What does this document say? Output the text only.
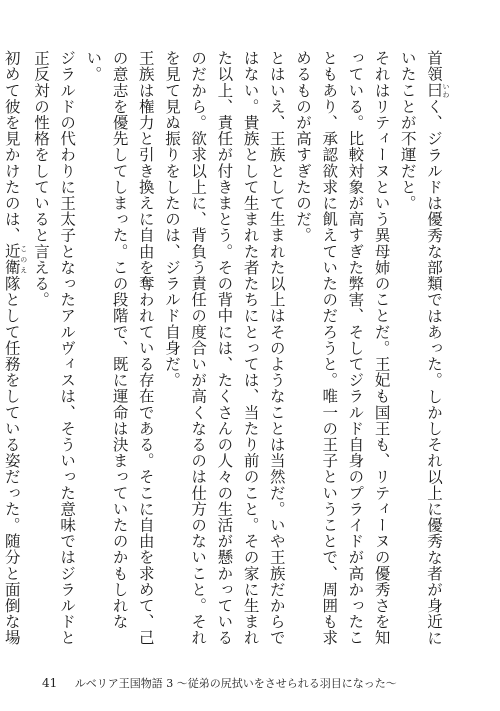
首領曰 いわく、ジラルドは優秀な部類ではあった。しかしそれ以上に優秀な者が身近にいたことが不運だと。

それはリティーヌという異母姉のことだ。王妃も国王も、リティーヌの優秀さを知っている。比較対象が高すぎた弊害、そしてジラルド自身のプライドが高かったこともあり、承認欲求に飢えていたのだろうと。唯一の王子ということで、周囲も求めるものが高すぎたのだ。

とはいえ、王族として生まれた以上はそのようなことは当然だ。いや王族だからではない。貴族として生まれた者たちにとっては、当たり前のこと。その家に生まれた以上、責任が付きまとう。その背中には、たくさんの人々の生活が懸かっているのだから。欲求以上に、背負う責任の度合いが高くなるのは仕方のないこと。それを見て見ぬ振りをしたのは、ジラルド自身だ。

王族は権力と引き換えに自由を奪われている存在である。そこに自由を求めて、己の意志を優先してしまった。この段階で、既に運命は決まっていたのかもしれない。

ジラルドの代わりに王太子となったアルヴィスは、そういった意味ではジラルドと正反対の性格をしていると言える。

初めて彼を見かけたのは、近衛 このえ隊として任務をしている姿だった。随分と面倒な場

41 ルベリア王国物語 3 〜従弟の尻拭いをさせられる羽目になった〜
